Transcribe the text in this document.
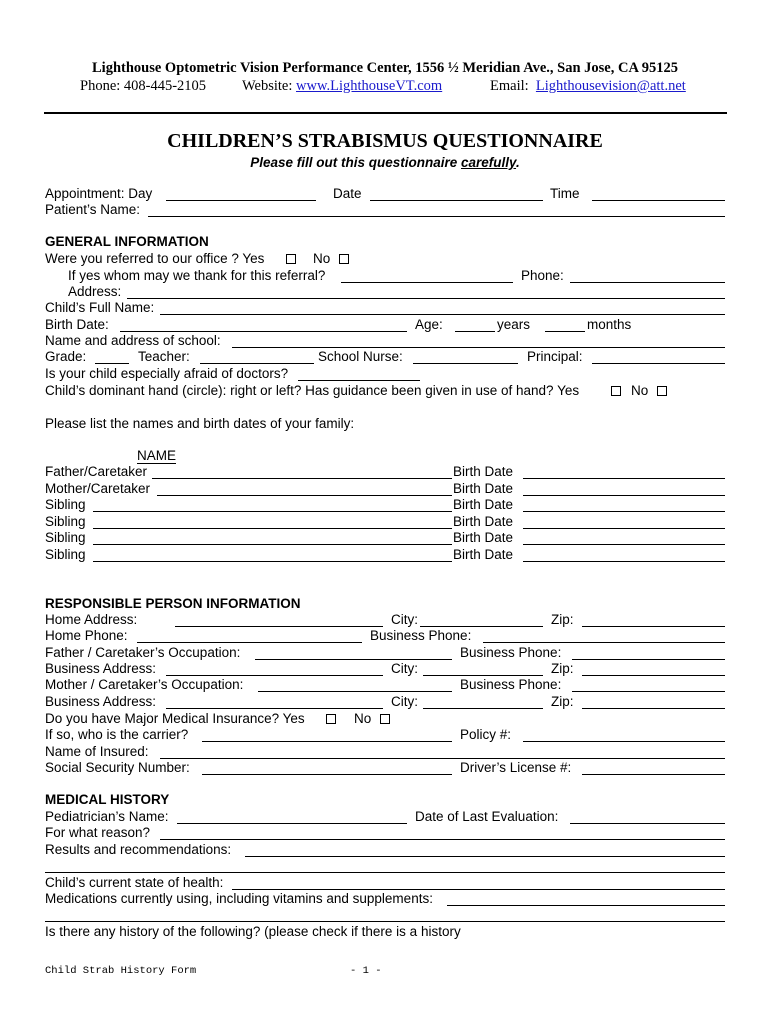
Lighthouse Optometric Vision Performance Center, 1556 ½ Meridian Ave., San Jose, CA 95125
Phone: 408-445-2105 Website: www.LighthouseVT.com	Email: Lighthousevision@att.net
CHILDREN’S STRABISMUS QUESTIONNAIRE
Please fill out this questionnaire carefully.
Appointment: Day	Date	Time
Patient’s Name:
GENERAL INFORMATION
Were you referred to our office ? Yes	No
If yes whom may we thank for this referral?	Phone:
Address:
Child’s Full Name:
Birth Date:	Age:	years	months
Name and address of school:
Grade:	Teacher:	School Nurse:	Principal:
Is your child especially afraid of doctors?
Child’s dominant hand (circle): right or left? Has guidance been given in use of hand? Yes	No
Please list the names and birth dates of your family:
NAME
Father/Caretaker	Birth Date
Mother/Caretaker	Birth Date
Sibling	Birth Date
Sibling	Birth Date
Sibling	Birth Date
Sibling	Birth Date
RESPONSIBLE PERSON INFORMATION
Home Address:	City:	Zip:
Home Phone:	Business Phone:
Father / Caretaker’s Occupation:	Business Phone:
Business Address:	City:	Zip:
Mother / Caretaker’s Occupation:	Business Phone:
Business Address:	City:	Zip:
Do you have Major Medical Insurance? Yes	No
If so, who is the carrier?	Policy #:
Name of Insured:
Social Security Number:	Driver’s License #:
MEDICAL HISTORY
Pediatrician’s Name:	Date of Last Evaluation:
For what reason?
Results and recommendations:
Child’s current state of health:
Medications currently using, including vitamins and supplements:
Is there any history of the following? (please check if there is a history
Child Strab History Form	- 1 -
